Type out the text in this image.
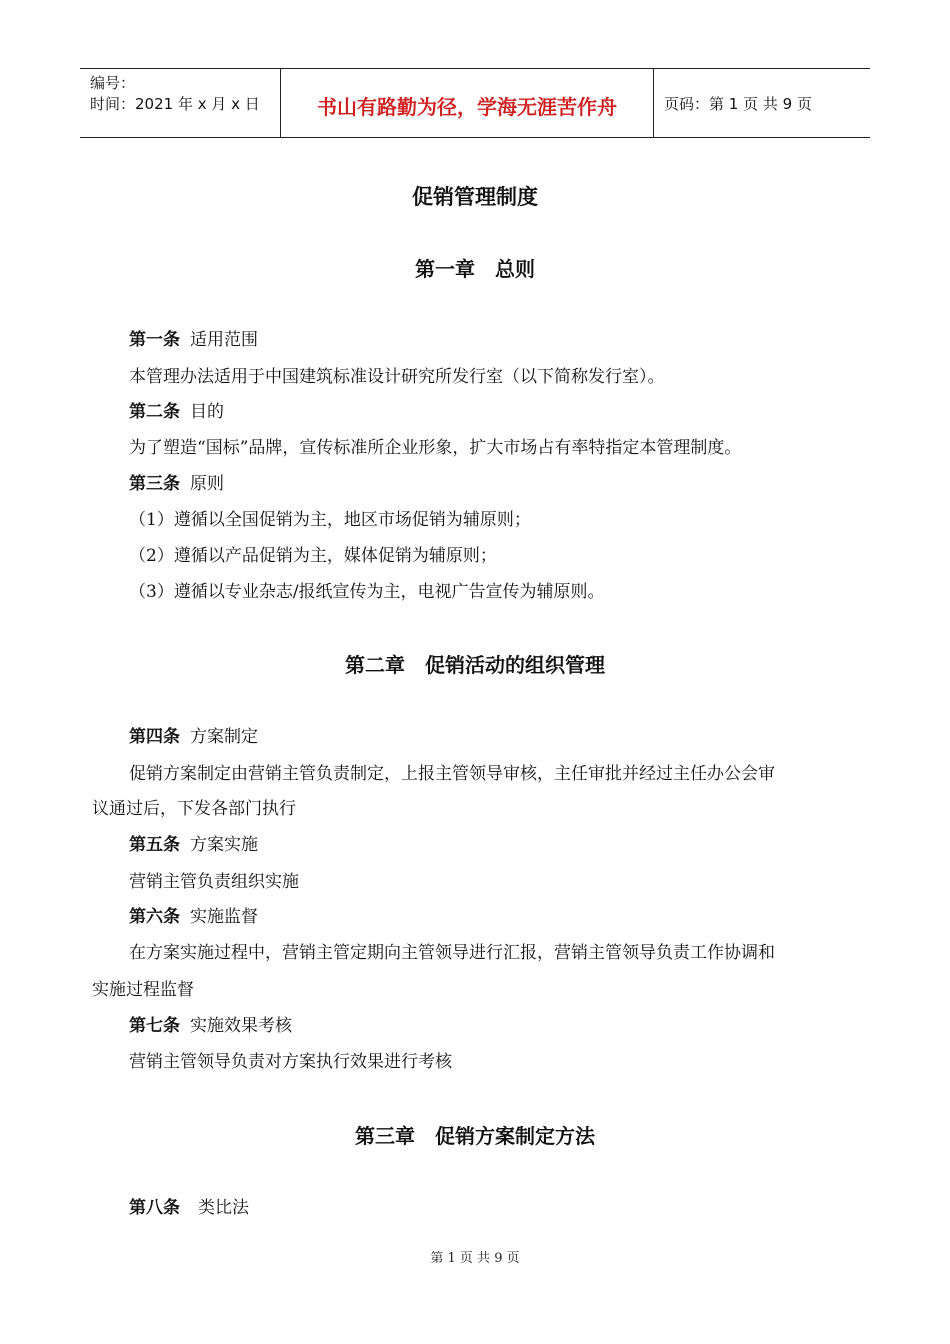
编号：
时间：2021 年 x 月 x 日	书山有路勤为径，学海无涯苦作舟	页码：第 1 页 共 9 页
促销管理制度
第一章　总则
第一条 适用范围
本管理办法适用于中国建筑标准设计研究所发行室（以下简称发行室）。
第二条 目的
为了塑造“国标”品牌，宣传标准所企业形象，扩大市场占有率特指定本管理制度。
第三条 原则
（1）遵循以全国促销为主，地区市场促销为辅原则；
（2）遵循以产品促销为主，媒体促销为辅原则；
（3）遵循以专业杂志/报纸宣传为主，电视广告宣传为辅原则。
第二章　促销活动的组织管理
第四条 方案制定
促销方案制定由营销主管负责制定，上报主管领导审核，主任审批并经过主任办公会审
议通过后，下发各部门执行
第五条 方案实施
营销主管负责组织实施
第六条 实施监督
在方案实施过程中，营销主管定期向主管领导进行汇报，营销主管领导负责工作协调和
实施过程监督
第七条 实施效果考核
营销主管领导负责对方案执行效果进行考核
第三章　促销方案制定方法
第八条 类比法
第 1 页 共 9 页
